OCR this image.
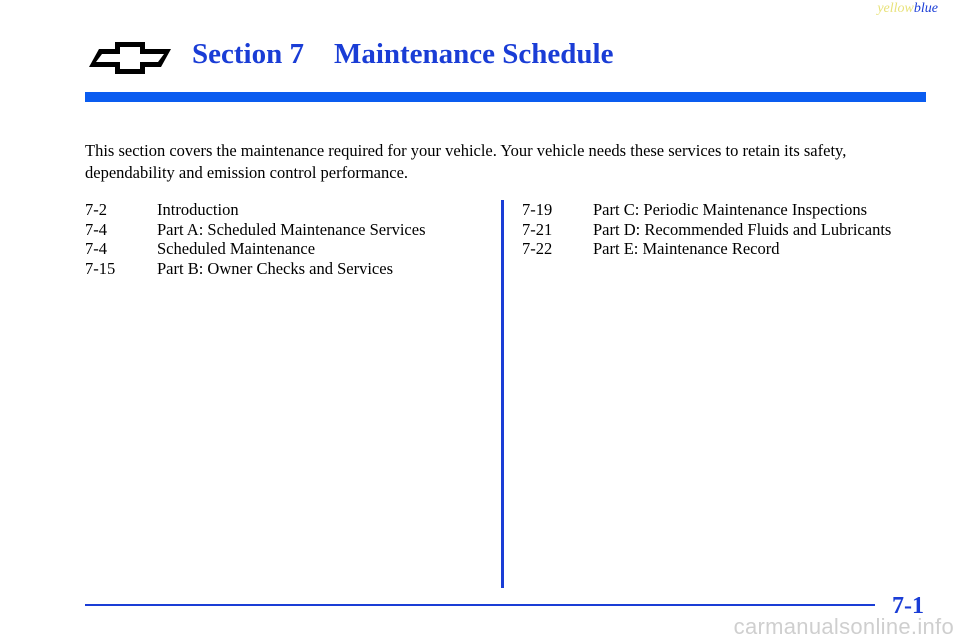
yellowblue
Section 7 Maintenance Schedule

This section covers the maintenance required for your vehicle. Your vehicle needs these services to retain its safety, dependability and emission control performance.

7-2	Introduction
7-4	Part A: Scheduled Maintenance Services
7-4	Scheduled Maintenance
7-15	Part B: Owner Checks and Services
7-19	Part C: Periodic Maintenance Inspections
7-21	Part D: Recommended Fluids and Lubricants
7-22	Part E: Maintenance Record
7-1
carmanualsonline.info
